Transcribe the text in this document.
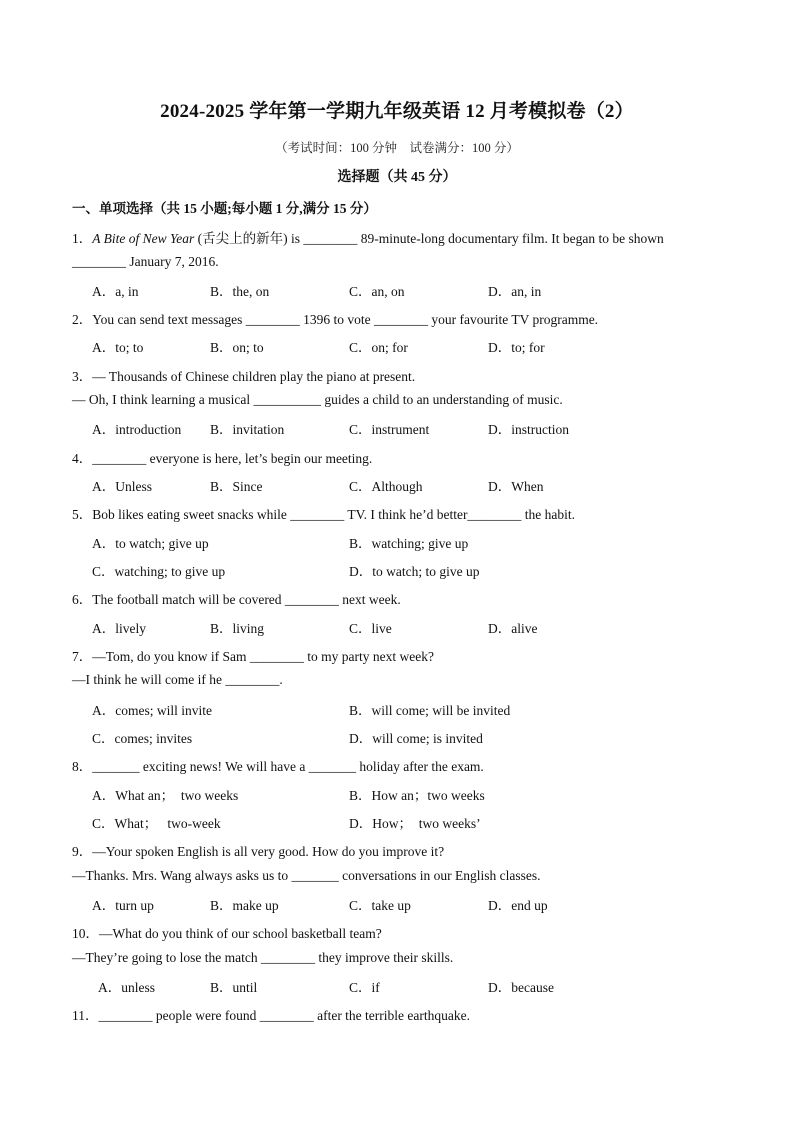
2024-2025 学年第一学期九年级英语 12 月考模拟卷（2）
（考试时间：100 分钟　试卷满分：100 分）
选择题（共 45 分）
一、单项选择（共 15 小题;每小题 1 分,满分 15 分）
1．A Bite of New Year (舌尖上的新年) is ________ 89-minute-long documentary film. It began to be shown
________ January 7, 2016.
A．a, in	B．the, on	C．an, on	D．an, in
2．You can send text messages ________ 1396 to vote ________ your favourite TV programme.
A．to; to	B．on; to	C．on; for	D．to; for
3．— Thousands of Chinese children play the piano at present.
— Oh, I think learning a musical __________ guides a child to an understanding of music.
A．introduction B．invitation	C．instrument	D．instruction
4．________ everyone is here, let’s begin our meeting.
A．Unless	B．Since	C．Although	D．When
5．Bob likes eating sweet snacks while ________ TV. I think he’d better________ the habit.
A．to watch; give up	B．watching; give up
C．watching; to give up	D．to watch; to give up
6．The football match will be covered ________ next week.
A．lively	B．living	C．live	D．alive
7．—Tom, do you know if Sam ________ to my party next week?
—I think he will come if he ________.
A．comes; will invite	B．will come; will be invited
C．comes; invites	D．will come; is invited
8．_______ exciting news! We will have a _______ holiday after the exam.
A．What an；  two weeks	B．How an；two weeks
C．What；   two-week	D．How；  two weeks’
9．—Your spoken English is all very good. How do you improve it?
—Thanks. Mrs. Wang always asks us to _______ conversations in our English classes.
A．turn up	B．make up	C．take up	D．end up
10．—What do you think of our school basketball team?
—They’re going to lose the match ________ they improve their skills.
A．unless	B．until	C．if	D．because
11．________ people were found ________ after the terrible earthquake.
